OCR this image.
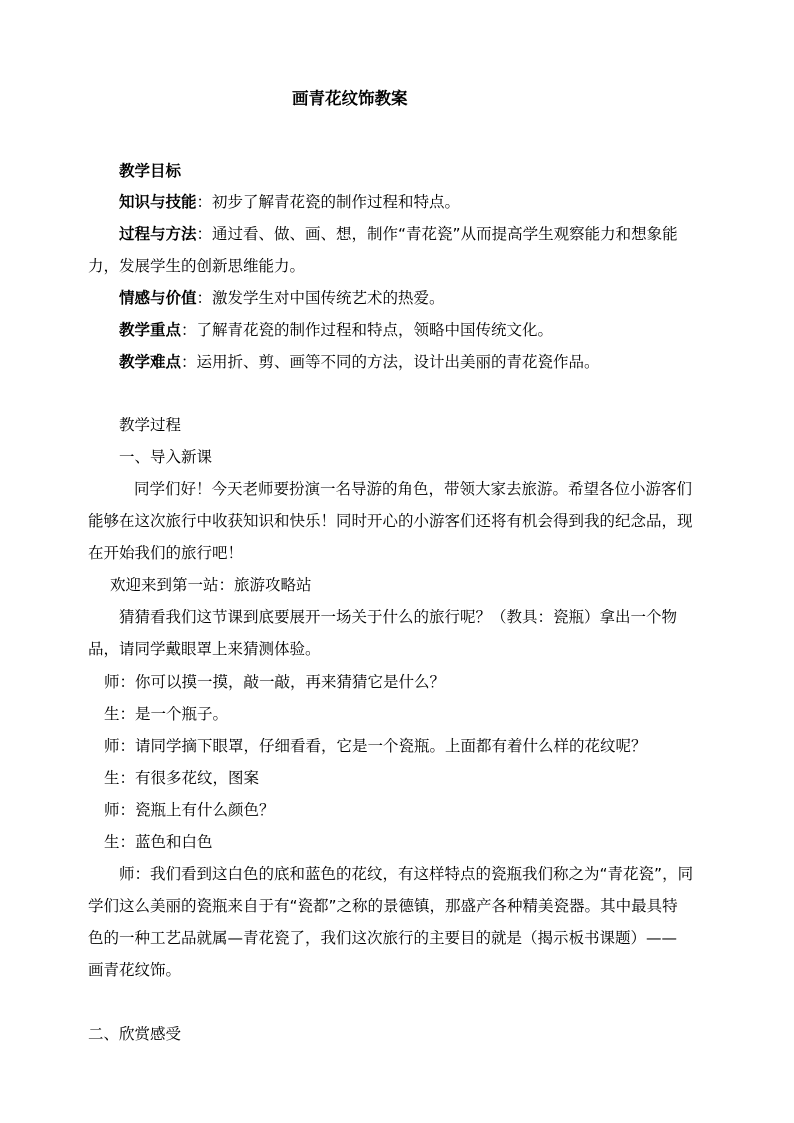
画青花纹饰教案
教学目标
知识与技能：初步了解青花瓷的制作过程和特点。
过程与方法：通过看、做、画、想，制作“青花瓷”从而提高学生观察能力和想象能
力，发展学生的创新思维能力。
情感与价值：激发学生对中国传统艺术的热爱。
教学重点：了解青花瓷的制作过程和特点，领略中国传统文化。
教学难点：运用折、剪、画等不同的方法，设计出美丽的青花瓷作品。
教学过程
一、导入新课
同学们好！今天老师要扮演一名导游的角色，带领大家去旅游。希望各位小游客们
能够在这次旅行中收获知识和快乐！同时开心的小游客们还将有机会得到我的纪念品，现
在开始我们的旅行吧！
欢迎来到第一站：旅游攻略站
猜猜看我们这节课到底要展开一场关于什么的旅行呢？（教具：瓷瓶）拿出一个物
品，请同学戴眼罩上来猜测体验。
师：你可以摸一摸，敲一敲，再来猜猜它是什么？
生：是一个瓶子。
师：请同学摘下眼罩，仔细看看，它是一个瓷瓶。上面都有着什么样的花纹呢？
生：有很多花纹，图案
师：瓷瓶上有什么颜色？
生：蓝色和白色
师：我们看到这白色的底和蓝色的花纹，有这样特点的瓷瓶我们称之为“青花瓷”，同
学们这么美丽的瓷瓶来自于有“瓷都”之称的景德镇，那盛产各种精美瓷器。其中最具特
色的一种工艺品就属—青花瓷了，我们这次旅行的主要目的就是（揭示板书课题）——
画青花纹饰。
二、欣赏感受
